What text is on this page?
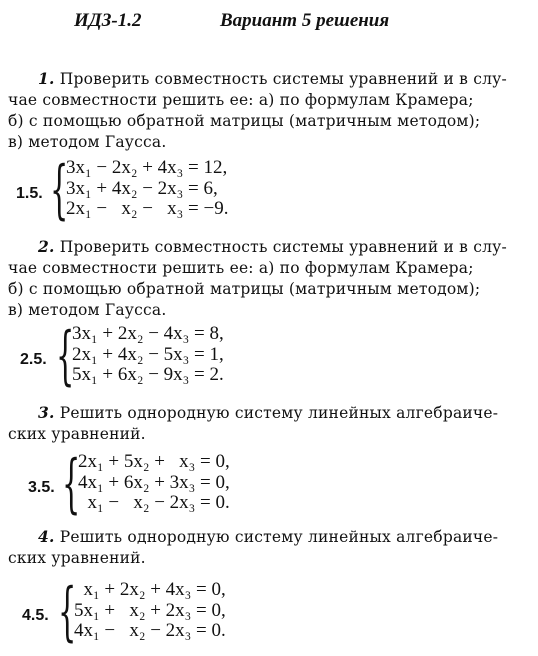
ИДЗ-1.2	Вариант 5 решения
1. Проверить совместность системы уравнений и в слу-
чае совместности решить ее: а) по формулам Крамера;
б) с помощью обратной матрицы (матричным методом);
в) методом Гаусса.
1.5. {
3x₁ − 2x₂ + 4x₃ = 12,
3x₁ + 4x₂ − 2x₃ = 6,
2x₁ −   x₂ −   x₃ = −9.
2. Проверить совместность системы уравнений и в слу-
чае совместности решить ее: а) по формулам Крамера;
б) с помощью обратной матрицы (матричным методом);
в) методом Гаусса.
2.5. {
3x₁ + 2x₂ − 4x₃ = 8,
2x₁ + 4x₂ − 5x₃ = 1,
5x₁ + 6x₂ − 9x₃ = 2.
3. Решить однородную систему линейных алгебраиче-
ских уравнений.
3.5. {
2x₁ + 5x₂ +   x₃ = 0,
4x₁ + 6x₂ + 3x₃ = 0,
x₁ −   x₂ − 2x₃ = 0.
4. Решить однородную систему линейных алгебраиче-
ских уравнений.
4.5. {
x₁ + 2x₂ + 4x₃ = 0,
5x₁ +   x₂ + 2x₃ = 0,
4x₁ −   x₂ − 2x₃ = 0.
